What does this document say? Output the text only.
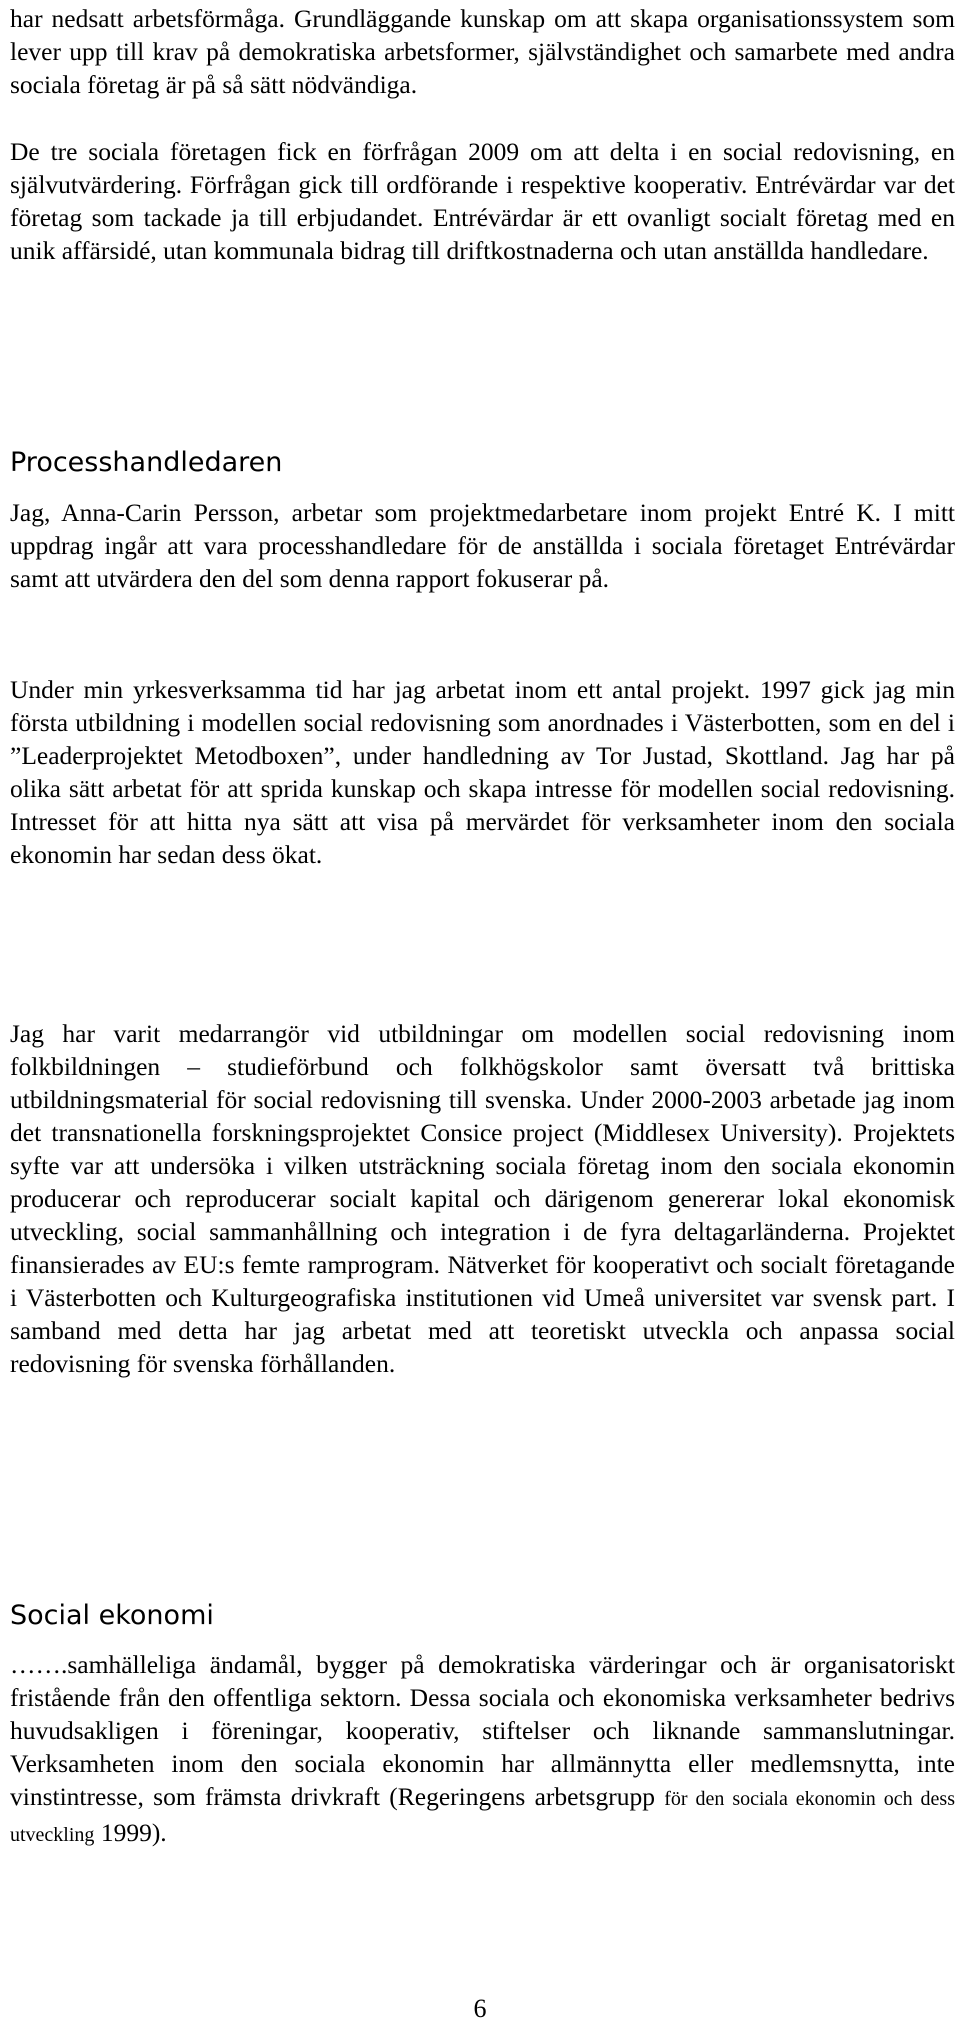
har nedsatt arbetsförmåga. Grundläggande kunskap om att skapa organisationssystem som lever upp till krav på demokratiska arbetsformer, självständighet och samarbete med andra sociala företag är på så sätt nödvändiga.

De tre sociala företagen fick en förfrågan 2009 om att delta i en social redovisning, en självutvärdering. Förfrågan gick till ordförande i respektive kooperativ. Entrévärdar var det företag som tackade ja till erbjudandet. Entrévärdar är ett ovanligt socialt företag med en unik affärsidé, utan kommunala bidrag till driftkostnaderna och utan anställda handledare.

Processhandledaren

Jag, Anna-Carin Persson, arbetar som projektmedarbetare inom projekt Entré K. I mitt uppdrag ingår att vara processhandledare för de anställda i sociala företaget Entrévärdar samt att utvärdera den del som denna rapport fokuserar på.

Under min yrkesverksamma tid har jag arbetat inom ett antal projekt. 1997 gick jag min första utbildning i modellen social redovisning som anordnades i Västerbotten, som en del i ”Leaderprojektet Metodboxen”, under handledning av Tor Justad, Skottland. Jag har på olika sätt arbetat för att sprida kunskap och skapa intresse för modellen social redovisning. Intresset för att hitta nya sätt att visa på mervärdet för verksamheter inom den sociala ekonomin har sedan dess ökat.

Jag har varit medarrangör vid utbildningar om modellen social redovisning inom folkbildningen – studieförbund och folkhögskolor samt översatt två brittiska utbildningsmaterial för social redovisning till svenska. Under 2000-2003 arbetade jag inom det transnationella forskningsprojektet Consice project (Middlesex University). Projektets syfte var att undersöka i vilken utsträckning sociala företag inom den sociala ekonomin producerar och reproducerar socialt kapital och därigenom genererar lokal ekonomisk utveckling, social sammanhållning och integration i de fyra deltagarländerna. Projektet finansierades av EU:s femte ramprogram. Nätverket för kooperativt och socialt företagande i Västerbotten och Kulturgeografiska institutionen vid Umeå universitet var svensk part. I samband med detta har jag arbetat med att teoretiskt utveckla och anpassa social redovisning för svenska förhållanden.

Social ekonomi

…….samhälleliga ändamål, bygger på demokratiska värderingar och är organisatoriskt fristående från den offentliga sektorn. Dessa sociala och ekonomiska verksamheter bedrivs huvudsakligen i föreningar, kooperativ, stiftelser och liknande sammanslutningar. Verksamheten inom den sociala ekonomin har allmännytta eller medlemsnytta, inte vinstintresse, som främsta drivkraft (Regeringens arbetsgrupp för den sociala ekonomin och dess utveckling 1999).

6
